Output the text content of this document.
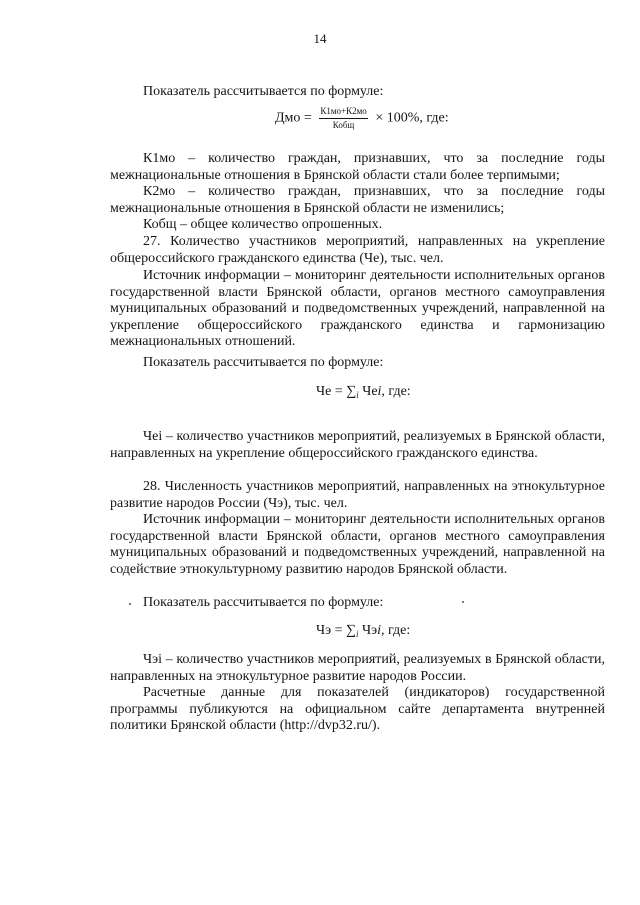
14

Показатель рассчитывается по формуле:

Дмо = $\frac{К1мо+К2мо}{\text{Кобщ}} \times 100\%$, где:

К1мо – количество граждан, признавших, что за последние годы межнациональные отношения в Брянской области стали более терпимыми;

К2мо – количество граждан, признавших, что за последние годы межнациональные отношения в Брянской области не изменились;

Кобщ – общее количество опрошенных.

27. Количество участников мероприятий, направленных на укрепление общероссийского гражданского единства (Че), тыс. чел.

Источник информации – мониторинг деятельности исполнительных органов государственной власти Брянской области, органов местного самоуправления муниципальных образований и подведомственных учреждений, направленной на укрепление общероссийского гражданского единства и гармонизацию межнациональных отношений.

Показатель рассчитывается по формуле:

Че = $\sum_i$ Чеi, где:

Чеi – количество участников мероприятий, реализуемых в Брянской области, направленных на укрепление общероссийского гражданского единства.

28. Численность участников мероприятий, направленных на этнокультурное развитие народов России (Чэ), тыс. чел.

Источник информации – мониторинг деятельности исполнительных органов государственной власти Брянской области, органов местного самоуправления муниципальных образований и подведомственных учреждений, направленной на содействие этнокультурному развитию народов Брянской области.

Показатель рассчитывается по формуле:

Чэ = $\sum_i$ Чэi, где:

Чэi – количество участников мероприятий, реализуемых в Брянской области, направленных на этнокультурное развитие народов России.

Расчетные данные для показателей (индикаторов) государственной программы публикуются на официальном сайте департамента внутренней политики Брянской области (http://dvp32.ru/).
